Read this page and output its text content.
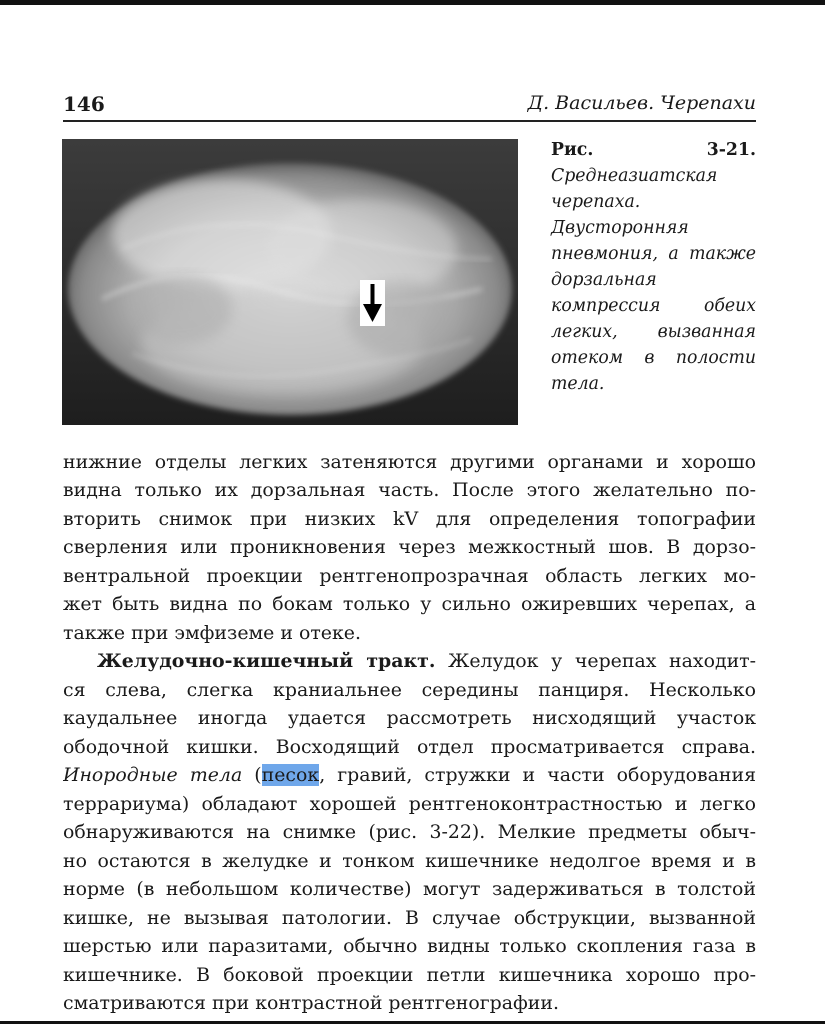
146	Д. Васильев. Черепахи
Рис. 3-21. Среднеазиатская черепаха. Двусторонняя пневмония, а также дорзальная компрессия обеих легких, вызванная отеком в полости тела.
нижние отделы легких затеняются другими органами и хорошо
видна только их дорзальная часть. После этого желательно по-
вторить снимок при низких kV для определения топографии
сверления или проникновения через межкостный шов. В дорзо-
вентральной проекции рентгенопрозрачная область легких мо-
жет быть видна по бокам только у сильно ожиревших черепах, а
также при эмфиземе и отеке.
Желудочно-кишечный тракт. Желудок у черепах находит-
ся слева, слегка краниальнее середины панциря. Несколько
каудальнее иногда удается рассмотреть нисходящий участок
ободочной кишки. Восходящий отдел просматривается справа.
Инородные тела (песок, гравий, стружки и части оборудования
террариума) обладают хорошей рентгеноконтрастностью и легко
обнаруживаются на снимке (рис. 3-22). Мелкие предметы обыч-
но остаются в желудке и тонком кишечнике недолгое время и в
норме (в небольшом количестве) могут задерживаться в толстой
кишке, не вызывая патологии. В случае обструкции, вызванной
шерстью или паразитами, обычно видны только скопления газа в
кишечнике. В боковой проекции петли кишечника хорошо про-
сматриваются при контрастной рентгенографии.
